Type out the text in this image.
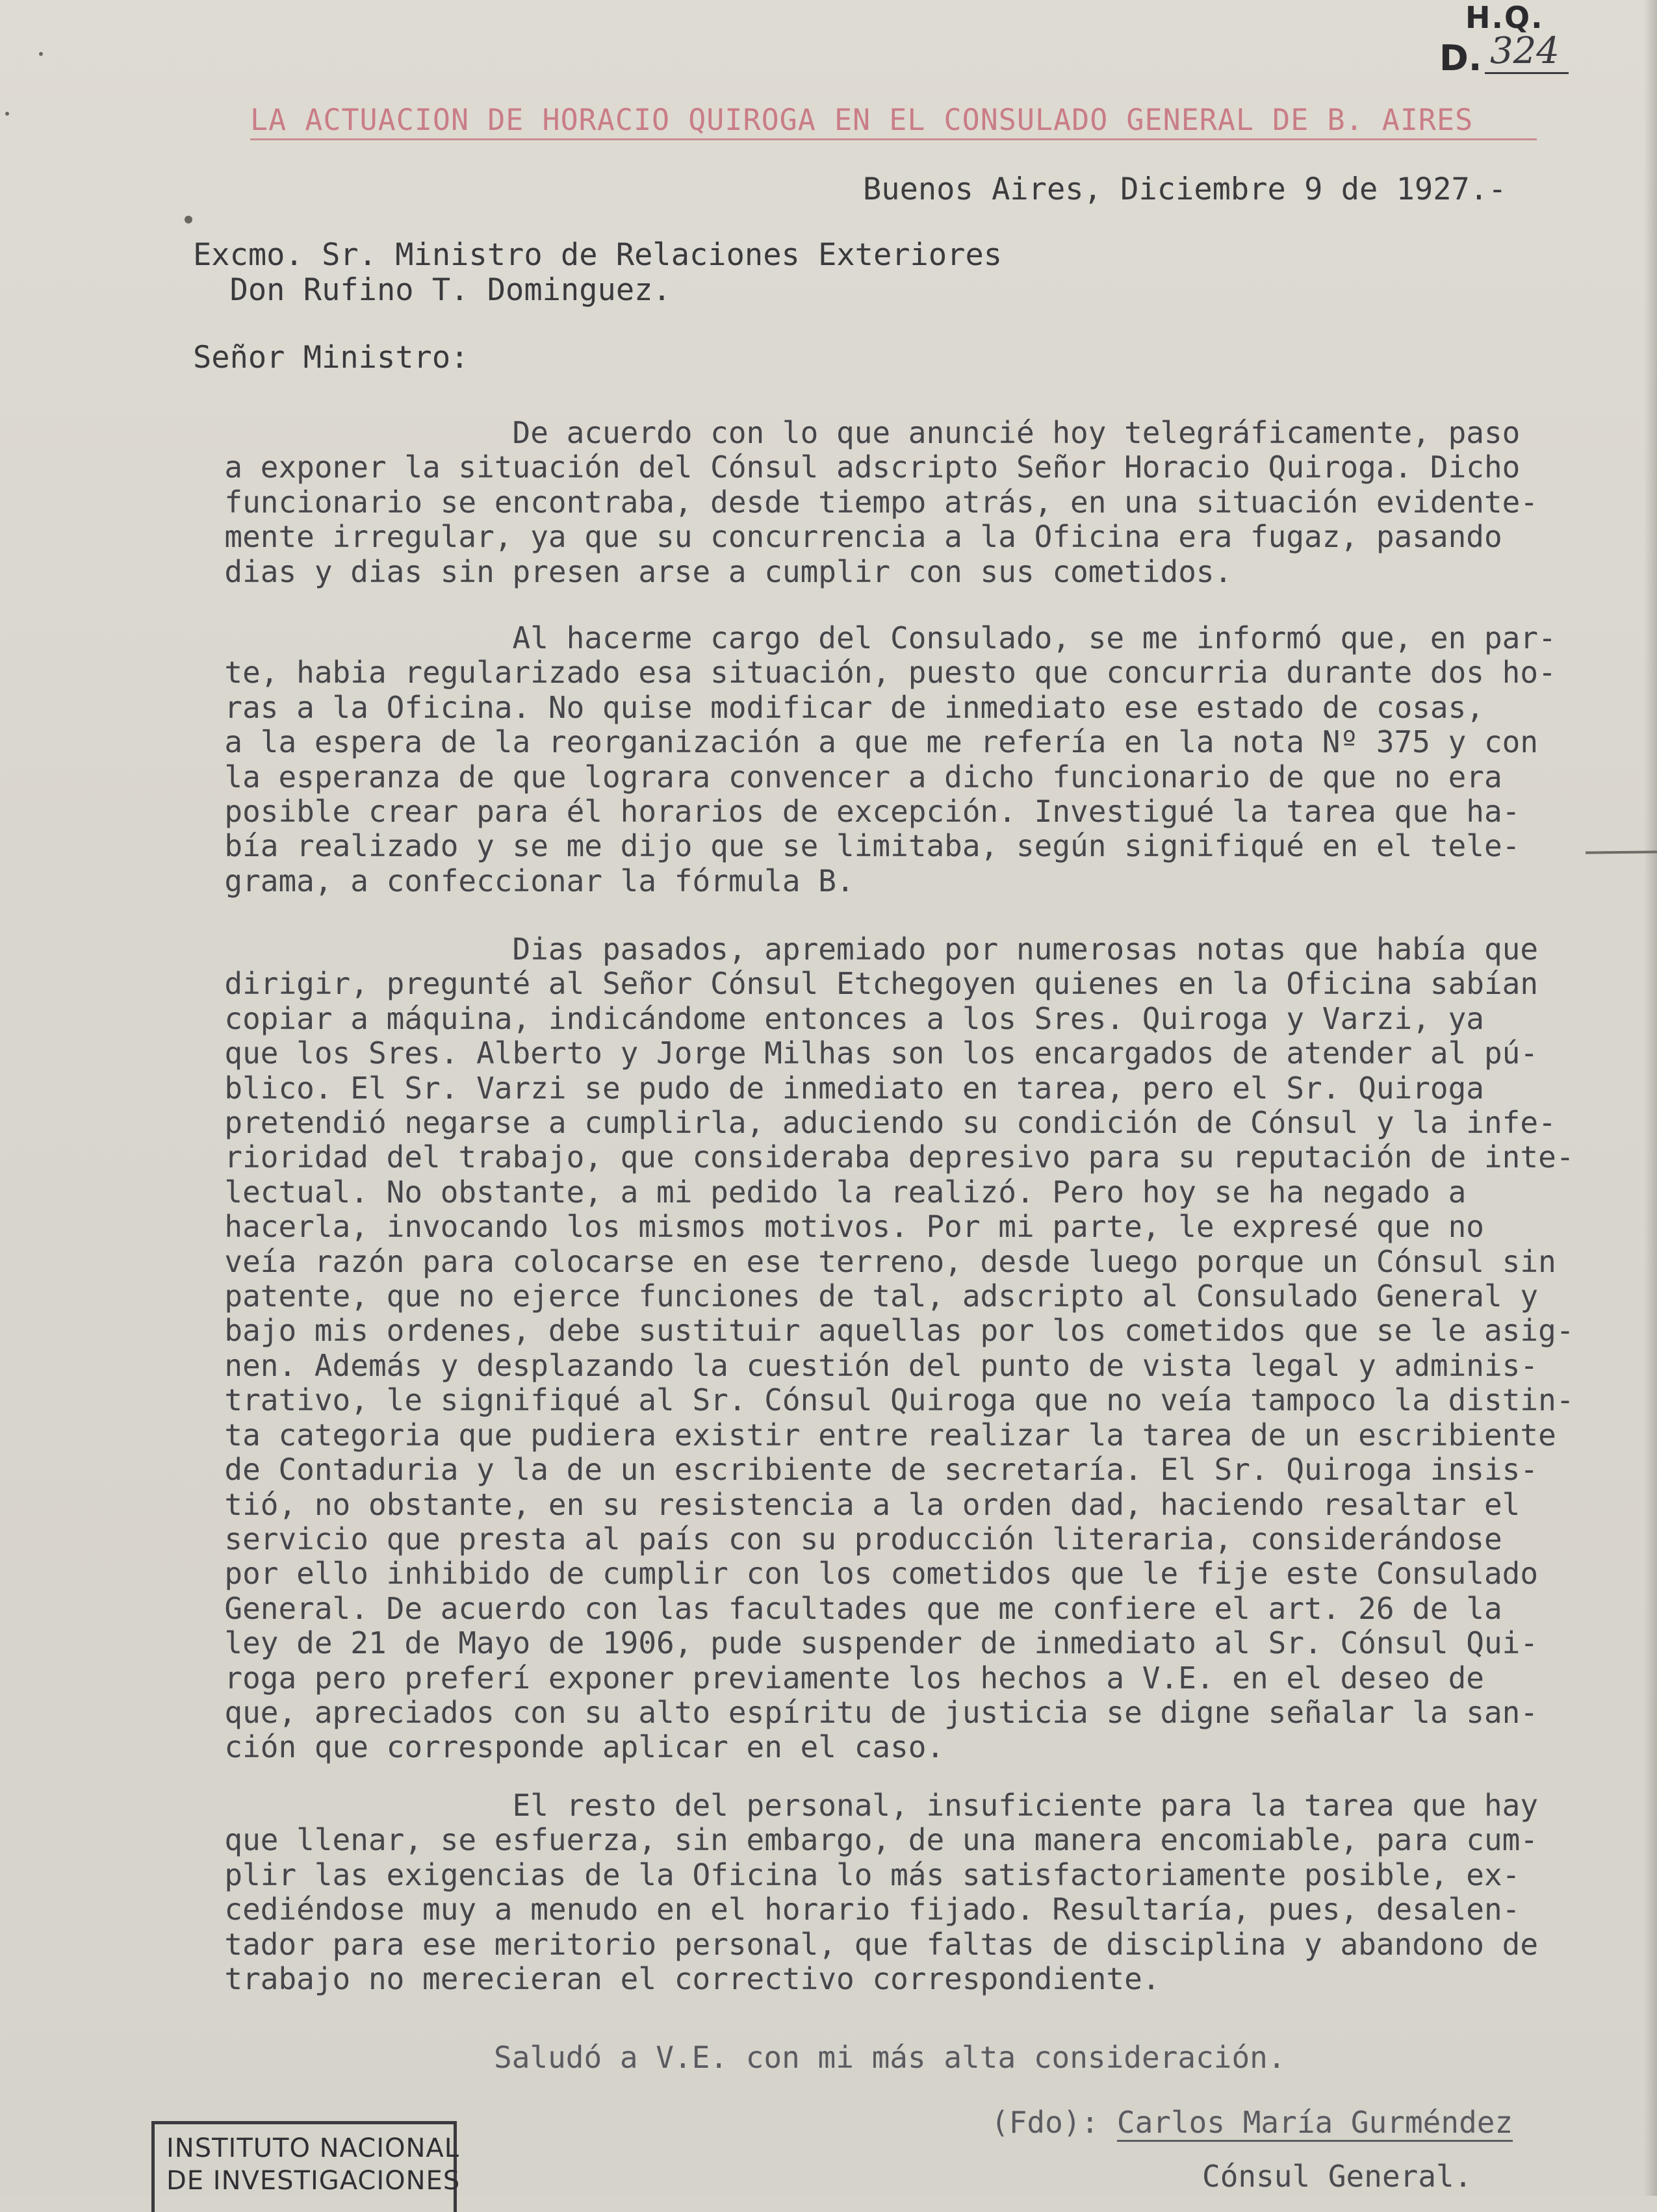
H.Q.
D. 324
LA ACTUACION DE HORACIO QUIROGA EN EL CONSULADO GENERAL DE B. AIRES
Buenos Aires, Diciembre 9 de 1927.-
Excmo. Sr. Ministro de Relaciones Exteriores
Don Rufino T. Dominguez.
Señor Ministro:
De acuerdo con lo que anuncié hoy telegráficamente, paso
a exponer la situación del Cónsul adscripto Señor Horacio Quiroga. Dicho
funcionario se encontraba, desde tiempo atrás, en una situación evidente-
mente irregular, ya que su concurrencia a la Oficina era fugaz, pasando
dias y dias sin presen arse a cumplir con sus cometidos.
Al hacerme cargo del Consulado, se me informó que, en par-
te, habia regularizado esa situación, puesto que concurria durante dos ho-
ras a la Oficina. No quise modificar de inmediato ese estado de cosas,
a la espera de la reorganización a que me refería en la nota Nº 375 y con
la esperanza de que lograra convencer a dicho funcionario de que no era
posible crear para él horarios de excepción. Investigué la tarea que ha-
bía realizado y se me dijo que se limitaba, según signifiqué en el tele-
grama, a confeccionar la fórmula B.
Dias pasados, apremiado por numerosas notas que había que
dirigir, pregunté al Señor Cónsul Etchegoyen quienes en la Oficina sabían
copiar a máquina, indicándome entonces a los Sres. Quiroga y Varzi, ya
que los Sres. Alberto y Jorge Milhas son los encargados de atender al pú-
blico. El Sr. Varzi se pudo de inmediato en tarea, pero el Sr. Quiroga
pretendió negarse a cumplirla, aduciendo su condición de Cónsul y la infe-
rioridad del trabajo, que consideraba depresivo para su reputación de inte-
lectual. No obstante, a mi pedido la realizó. Pero hoy se ha negado a
hacerla, invocando los mismos motivos. Por mi parte, le expresé que no
veía razón para colocarse en ese terreno, desde luego porque un Cónsul sin
patente, que no ejerce funciones de tal, adscripto al Consulado General y
bajo mis ordenes, debe sustituir aquellas por los cometidos que se le asig-
nen. Además y desplazando la cuestión del punto de vista legal y adminis-
trativo, le signifiqué al Sr. Cónsul Quiroga que no veía tampoco la distin-
ta categoria que pudiera existir entre realizar la tarea de un escribiente
de Contaduria y la de un escribiente de secretaría. El Sr. Quiroga insis-
tió, no obstante, en su resistencia a la orden dad, haciendo resaltar el
servicio que presta al país con su producción literaria, considerándose
por ello inhibido de cumplir con los cometidos que le fije este Consulado
General. De acuerdo con las facultades que me confiere el art. 26 de la
ley de 21 de Mayo de 1906, pude suspender de inmediato al Sr. Cónsul Qui-
roga pero preferí exponer previamente los hechos a V.E. en el deseo de
que, apreciados con su alto espíritu de justicia se digne señalar la san-
ción que corresponde aplicar en el caso.
El resto del personal, insuficiente para la tarea que hay
que llenar, se esfuerza, sin embargo, de una manera encomiable, para cum-
plir las exigencias de la Oficina lo más satisfactoriamente posible, ex-
cediéndose muy a menudo en el horario fijado. Resultaría, pues, desalen-
tador para ese meritorio personal, que faltas de disciplina y abandono de
trabajo no merecieran el correctivo correspondiente.
Saludó a V.E. con mi más alta consideración.
(Fdo): Carlos María Gurméndez
Cónsul General.
INSTITUTO NACIONAL
DE INVESTIGACIONES
